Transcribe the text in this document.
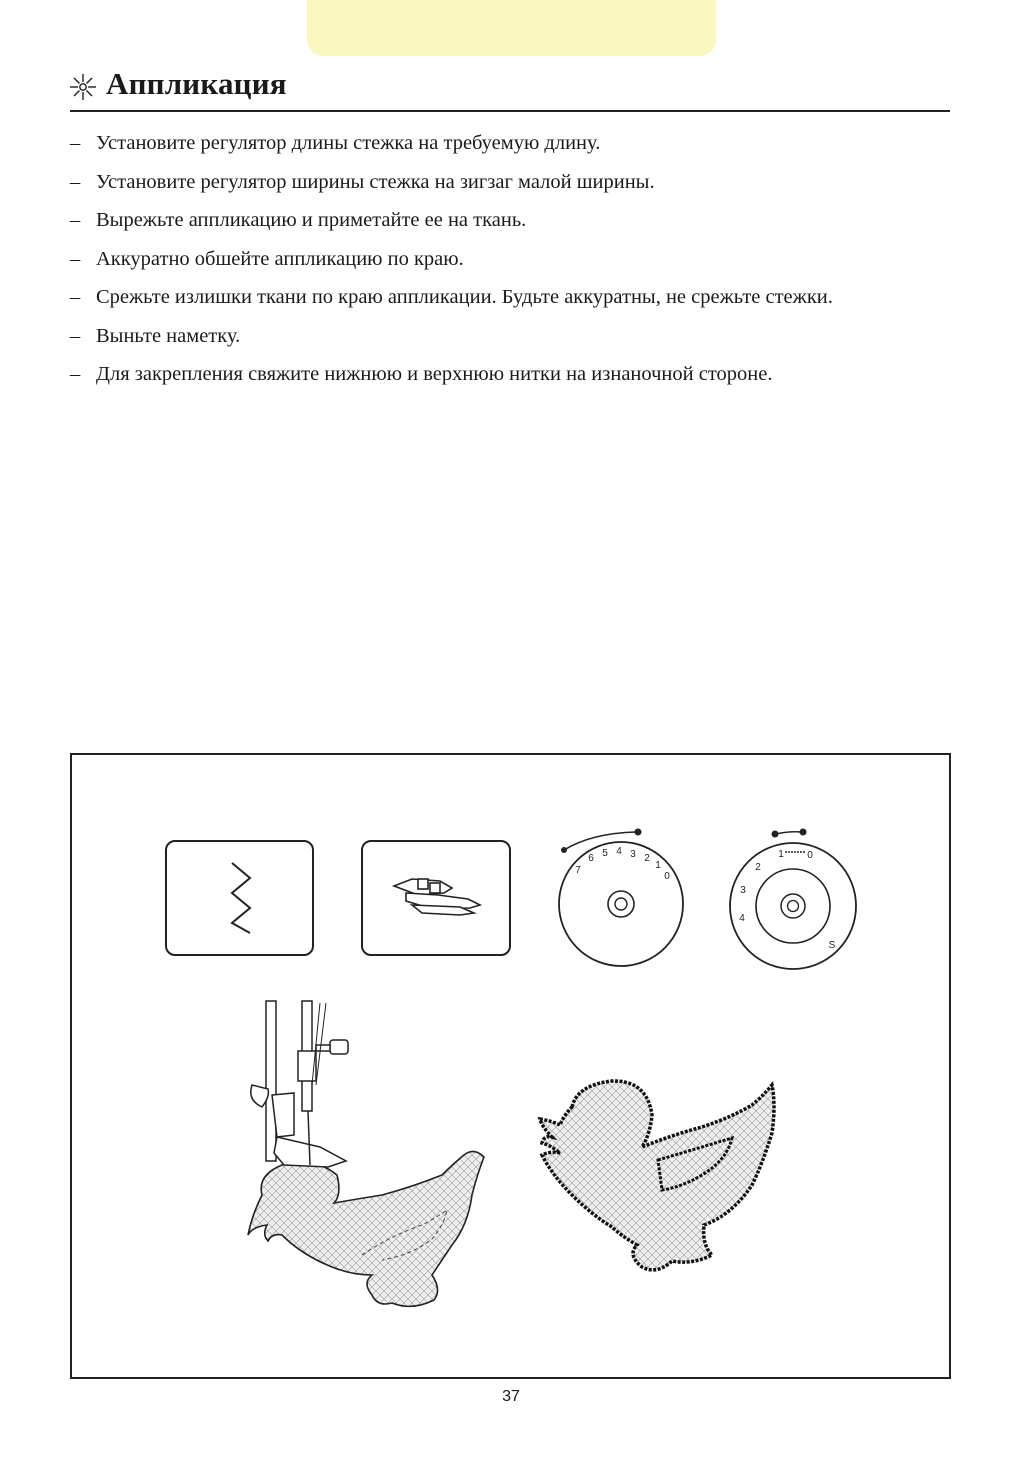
Аппликация
– Установите регулятор длины стежка на требуемую длину.
– Установите регулятор ширины стежка на зигзаг малой ширины.
– Вырежьте аппликацию и приметайте ее на ткань.
– Аккуратно обшейте аппликацию по краю.
– Срежьте излишки ткани по краю аппликации. Будьте аккуратны, не срежьте стежки.
– Выньте наметку.
– Для закрепления свяжите нижнюю и верхнюю нитки на изнаночной стороне.
7
6 5 4 3 2
1
0
4
3
2
1 0
S
37
